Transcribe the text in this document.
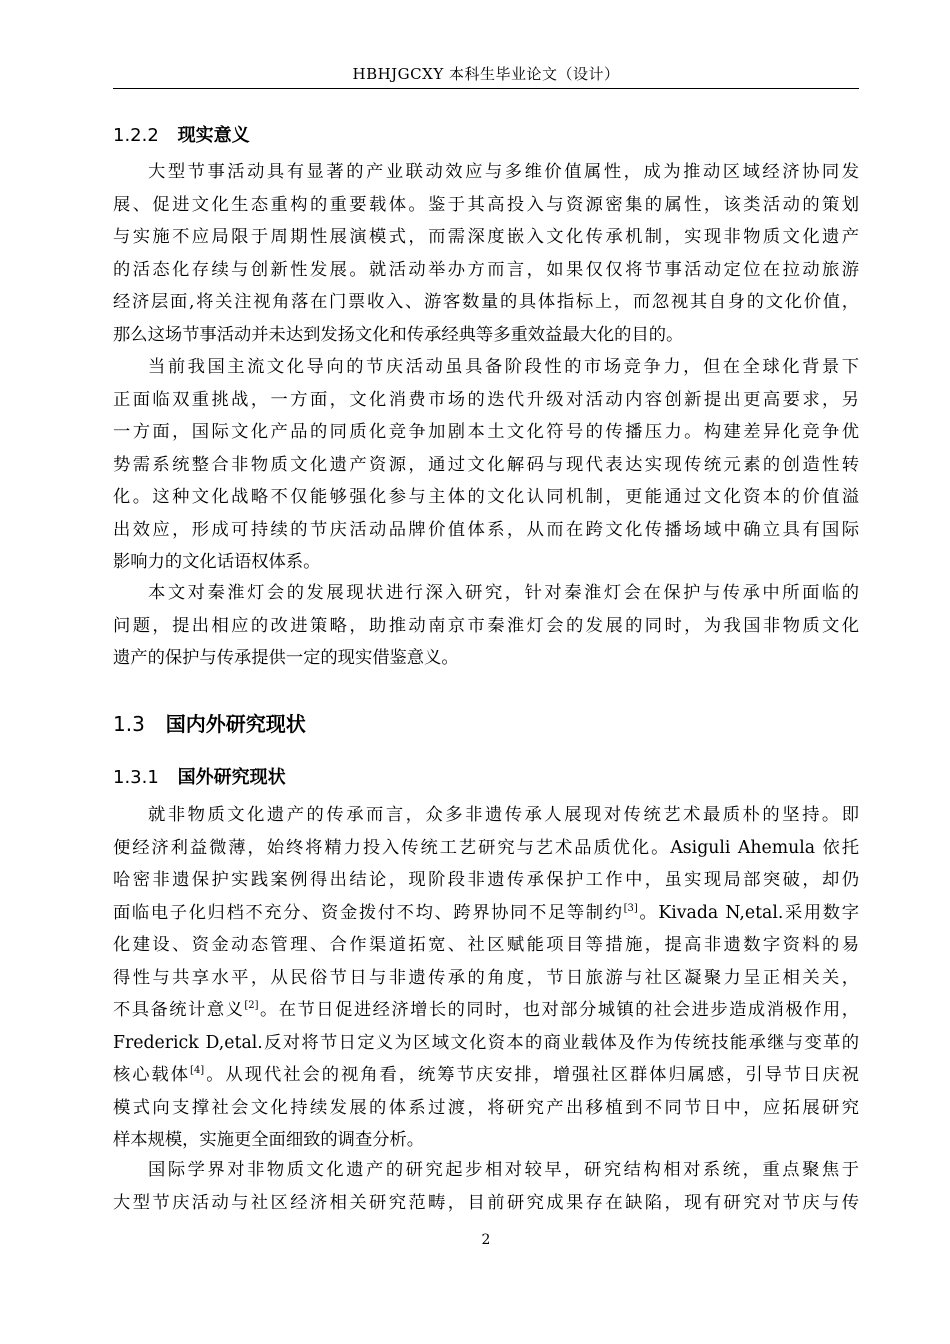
HBHJGCXY 本科生毕业论文（设计）
1.2.2 现实意义
大型节事活动具有显著的产业联动效应与多维价值属性，成为推动区域经济协同发
展、促进文化生态重构的重要载体。鉴于其高投入与资源密集的属性，该类活动的策划
与实施不应局限于周期性展演模式，而需深度嵌入文化传承机制，实现非物质文化遗产
的活态化存续与创新性发展。就活动举办方而言，如果仅仅将节事活动定位在拉动旅游
经济层面,将关注视角落在门票收入、游客数量的具体指标上，而忽视其自身的文化价值，
那么这场节事活动并未达到发扬文化和传承经典等多重效益最大化的目的。
当前我国主流文化导向的节庆活动虽具备阶段性的市场竞争力，但在全球化背景下
正面临双重挑战，一方面，文化消费市场的迭代升级对活动内容创新提出更高要求，另
一方面，国际文化产品的同质化竞争加剧本土文化符号的传播压力。构建差异化竞争优
势需系统整合非物质文化遗产资源，通过文化解码与现代表达实现传统元素的创造性转
化。这种文化战略不仅能够强化参与主体的文化认同机制，更能通过文化资本的价值溢
出效应，形成可持续的节庆活动品牌价值体系，从而在跨文化传播场域中确立具有国际
影响力的文化话语权体系。
本文对秦淮灯会的发展现状进行深入研究，针对秦淮灯会在保护与传承中所面临的
问题，提出相应的改进策略，助推动南京市秦淮灯会的发展的同时，为我国非物质文化
遗产的保护与传承提供一定的现实借鉴意义。
1.3 国内外研究现状
1.3.1 国外研究现状
就非物质文化遗产的传承而言，众多非遗传承人展现对传统艺术最质朴的坚持。即
便经济利益微薄，始终将精力投入传统工艺研究与艺术品质优化。Asiguli Ahemula 依托
哈密非遗保护实践案例得出结论，现阶段非遗传承保护工作中，虽实现局部突破，却仍
面临电子化归档不充分、资金拨付不均、跨界协同不足等制约[3]。Kivada N,etal.采用数字
化建设、资金动态管理、合作渠道拓宽、社区赋能项目等措施，提高非遗数字资料的易
得性与共享水平，从民俗节日与非遗传承的角度，节日旅游与社区凝聚力呈正相关关，
不具备统计意义[2]。在节日促进经济增长的同时，也对部分城镇的社会进步造成消极作用，
Frederick D,etal.反对将节日定义为区域文化资本的商业载体及作为传统技能承继与变革的
核心载体[4]。从现代社会的视角看，统筹节庆安排，增强社区群体归属感，引导节日庆祝
模式向支撑社会文化持续发展的体系过渡，将研究产出移植到不同节日中，应拓展研究
样本规模，实施更全面细致的调查分析。
国际学界对非物质文化遗产的研究起步相对较早，研究结构相对系统，重点聚焦于
大型节庆活动与社区经济相关研究范畴，目前研究成果存在缺陷，现有研究对节庆与传
2
